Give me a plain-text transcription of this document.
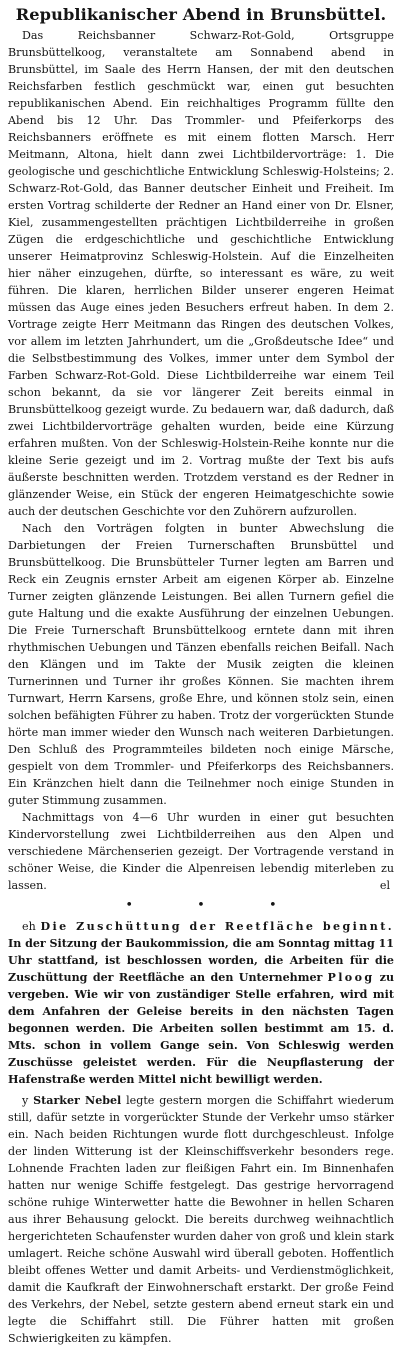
Republikanischer Abend in Brunsbüttel.

Das Reichsbanner Schwarz-Rot-Gold, Ortsgruppe Brunsbüttelkoog, veranstaltete am Sonnabend abend in Brunsbüttel, im Saale des Herrn Hansen, der mit den deutschen Reichsfarben festlich geschmückt war, einen gut besuchten republikanischen Abend. Ein reichhaltiges Programm füllte den Abend bis 12 Uhr. Das Trommler- und Pfeiferkorps des Reichsbanners eröffnete es mit einem flotten Marsch. Herr Meitmann, Altona, hielt dann zwei Lichtbildervorträge: 1. Die geologische und geschichtliche Entwicklung Schleswig-Holsteins; 2. Schwarz-Rot-Gold, das Banner deutscher Einheit und Freiheit. Im ersten Vortrag schilderte der Redner an Hand einer von Dr. Elsner, Kiel, zusammengestellten prächtigen Lichtbilderreihe in großen Zügen die erdgeschichtliche und geschichtliche Entwicklung unserer Heimatprovinz Schleswig-Holstein. Auf die Einzelheiten hier näher einzugehen, dürfte, so interessant es wäre, zu weit führen. Die klaren, herrlichen Bilder unserer engeren Heimat müssen das Auge eines jeden Besuchers erfreut haben. In dem 2. Vortrage zeigte Herr Meitmann das Ringen des deutschen Volkes, vor allem im letzten Jahrhundert, um die „Großdeutsche Idee“ und die Selbstbestimmung des Volkes, immer unter dem Symbol der Farben Schwarz-Rot-Gold. Diese Lichtbilderreihe war einem Teil schon bekannt, da sie vor längerer Zeit bereits einmal in Brunsbüttelkoog gezeigt wurde. Zu bedauern war, daß dadurch, daß zwei Lichtbildervorträge gehalten wurden, beide eine Kürzung erfahren mußten. Von der Schleswig-Holstein-Reihe konnte nur die kleine Serie gezeigt und im 2. Vortrag mußte der Text bis aufs äußerste beschnitten werden. Trotzdem verstand es der Redner in glänzender Weise, ein Stück der engeren Heimatgeschichte sowie auch der deutschen Geschichte vor den Zuhörern aufzurollen.

Nach den Vorträgen folgten in bunter Abwechslung die Darbietungen der Freien Turnerschaften Brunsbüttel und Brunsbüttelkoog. Die Brunsbütteler Turner legten am Barren und Reck ein Zeugnis ernster Arbeit am eigenen Körper ab. Einzelne Turner zeigten glänzende Leistungen. Bei allen Turnern gefiel die gute Haltung und die exakte Ausführung der einzelnen Uebungen. Die Freie Turnerschaft Brunsbüttelkoog erntete dann mit ihren rhythmischen Uebungen und Tänzen ebenfalls reichen Beifall. Nach den Klängen und im Takte der Musik zeigten die kleinen Turnerinnen und Turner ihr großes Können. Sie machten ihrem Turnwart, Herrn Karsens, große Ehre, und können stolz sein, einen solchen befähigten Führer zu haben. Trotz der vorgerückten Stunde hörte man immer wieder den Wunsch nach weiteren Darbietungen. Den Schluß des Programmteiles bildeten noch einige Märsche, gespielt von dem Trommler- und Pfeiferkorps des Reichsbanners. Ein Kränzchen hielt dann die Teilnehmer noch einige Stunden in guter Stimmung zusammen.

Nachmittags von 4—6 Uhr wurden in einer gut besuchten Kindervorstellung zwei Lichtbilderreihen aus den Alpen und verschiedene Märchenserien gezeigt. Der Vortragende verstand in schöner Weise, die Kinder die Alpenreisen lebendig miterleben zu lassen.	el
• • •

eh Die Zuschüttung der Reetfläche beginnt. In der Sitzung der Baukommission, die am Sonntag mittag 11 Uhr stattfand, ist beschlossen worden, die Arbeiten für die Zuschüttung der Reetfläche an den Unternehmer Ploog zu vergeben. Wie wir von zuständiger Stelle erfahren, wird mit dem Anfahren der Geleise bereits in den nächsten Tagen begonnen werden. Die Arbeiten sollen bestimmt am 15. d. Mts. schon in vollem Gange sein. Von Schleswig werden Zuschüsse geleistet werden. Für die Neupflasterung der Hafenstraße werden Mittel nicht bewilligt werden.

y Starker Nebel legte gestern morgen die Schiffahrt wiederum still, dafür setzte in vorgerückter Stunde der Verkehr umso stärker ein. Nach beiden Richtungen wurde flott durchgeschleust. Infolge der linden Witterung ist der Kleinschiffsverkehr besonders rege. Lohnende Frachten laden zur fleißigen Fahrt ein. Im Binnenhafen hatten nur wenige Schiffe festgelegt. Das gestrige hervorragend schöne ruhige Winterwetter hatte die Bewohner in hellen Scharen aus ihrer Behausung gelockt. Die bereits durchweg weihnachtlich hergerichteten Schaufenster wurden daher von groß und klein stark umlagert. Reiche schöne Auswahl wird überall geboten. Hoffentlich bleibt offenes Wetter und damit Arbeits- und Verdienstmöglichkeit, damit die Kaufkraft der Einwohnerschaft erstarkt. Der große Feind des Verkehrs, der Nebel, setzte gestern abend erneut stark ein und legte die Schiffahrt still. Die Führer hatten mit großen Schwierigkeiten zu kämpfen.
